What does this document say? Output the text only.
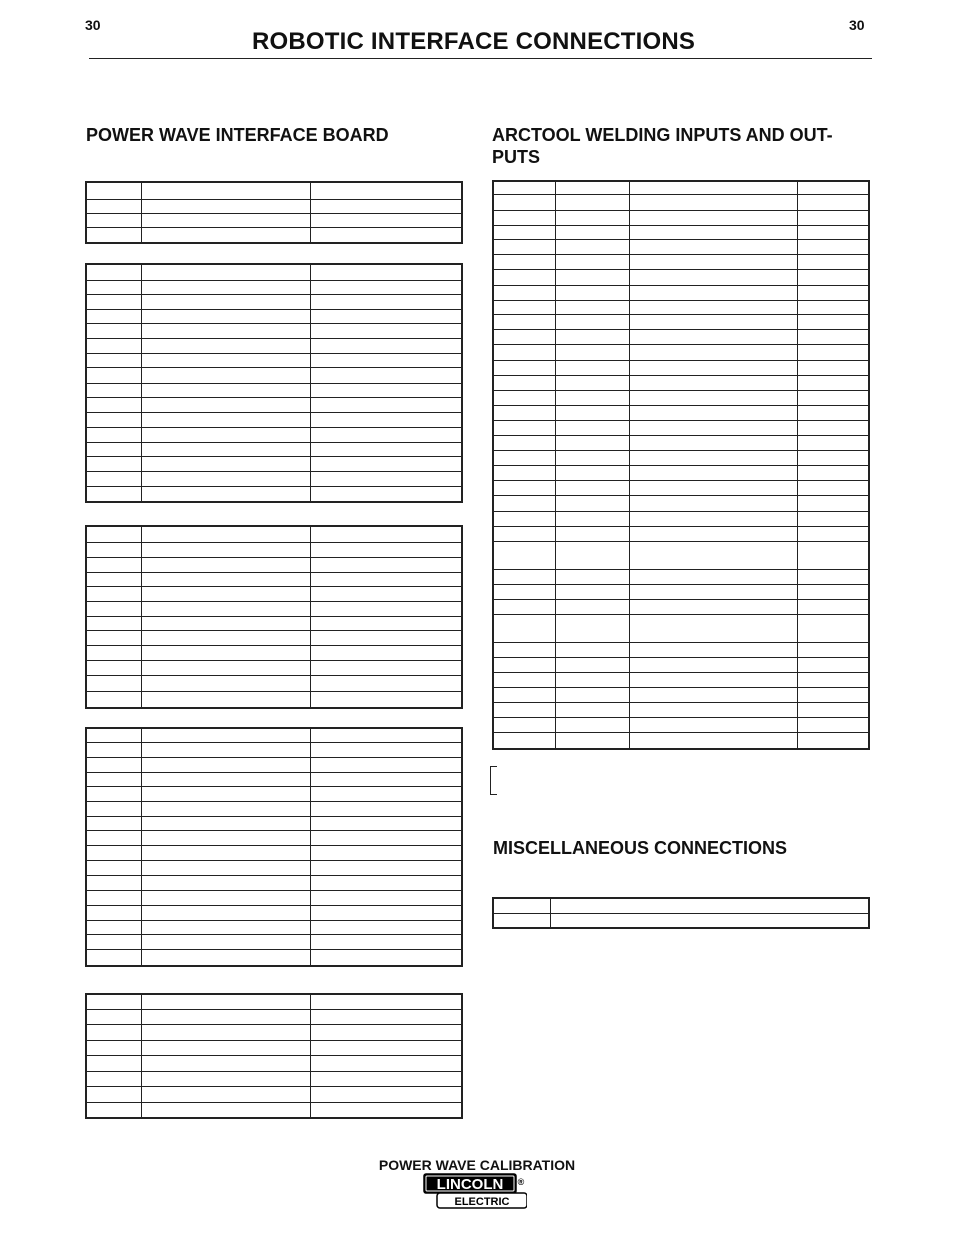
30	30
ROBOTIC INTERFACE CONNECTIONS
POWER WAVE INTERFACE BOARD	ARCTOOL WELDING INPUTS AND OUT-
PUTS
MISCELLANEOUS CONNECTIONS

POWER WAVE CALIBRATION
LINCOLN ®
ELECTRIC
